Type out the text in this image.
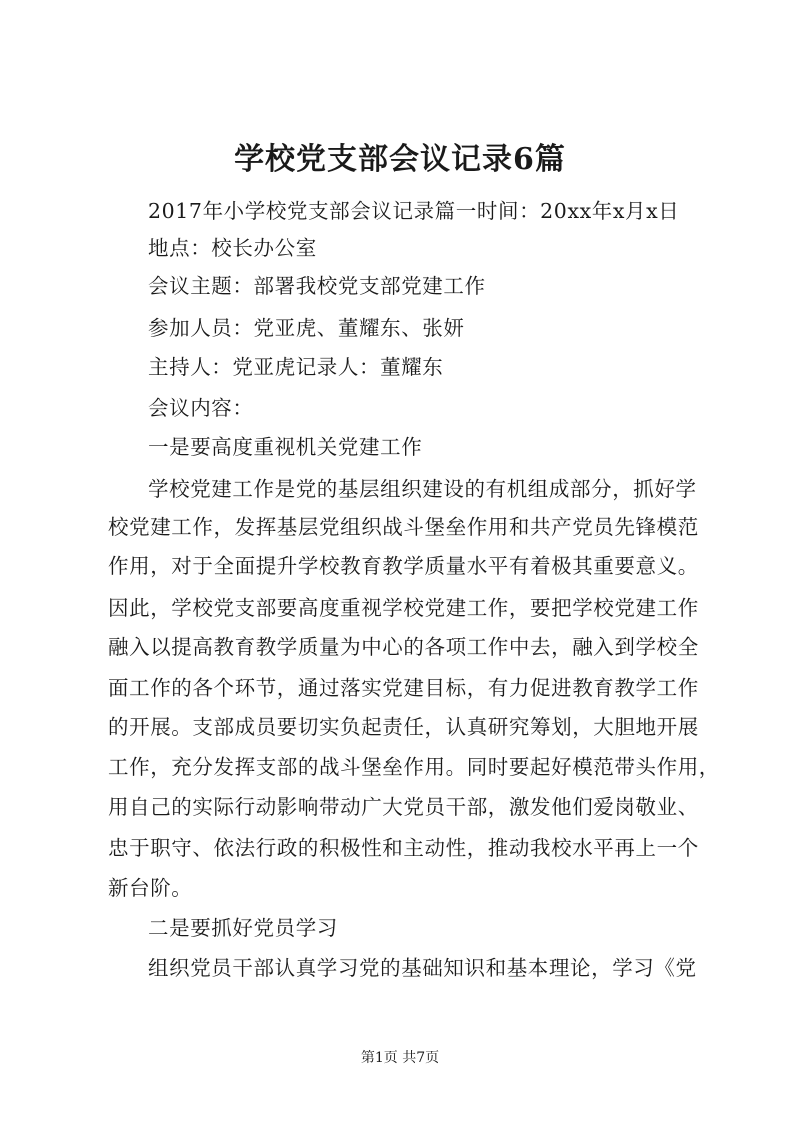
学校党支部会议记录6篇
2017年小学校党支部会议记录篇一时间：20xx年x月x日
地点：校长办公室
会议主题：部署我校党支部党建工作
参加人员：党亚虎、董耀东、张妍
主持人：党亚虎记录人：董耀东
会议内容：
一是要高度重视机关党建工作
学校党建工作是党的基层组织建设的有机组成部分，抓好学
校党建工作，发挥基层党组织战斗堡垒作用和共产党员先锋模范
作用，对于全面提升学校教育教学质量水平有着极其重要意义。
因此，学校党支部要高度重视学校党建工作，要把学校党建工作
融入以提高教育教学质量为中心的各项工作中去，融入到学校全
面工作的各个环节，通过落实党建目标，有力促进教育教学工作
的开展。支部成员要切实负起责任，认真研究筹划，大胆地开展
工作，充分发挥支部的战斗堡垒作用。同时要起好模范带头作用，
用自己的实际行动影响带动广大党员干部，激发他们爱岗敬业、
忠于职守、依法行政的积极性和主动性，推动我校水平再上一个
新台阶。
二是要抓好党员学习
组织党员干部认真学习党的基础知识和基本理论，学习《党
第1页 共7页
